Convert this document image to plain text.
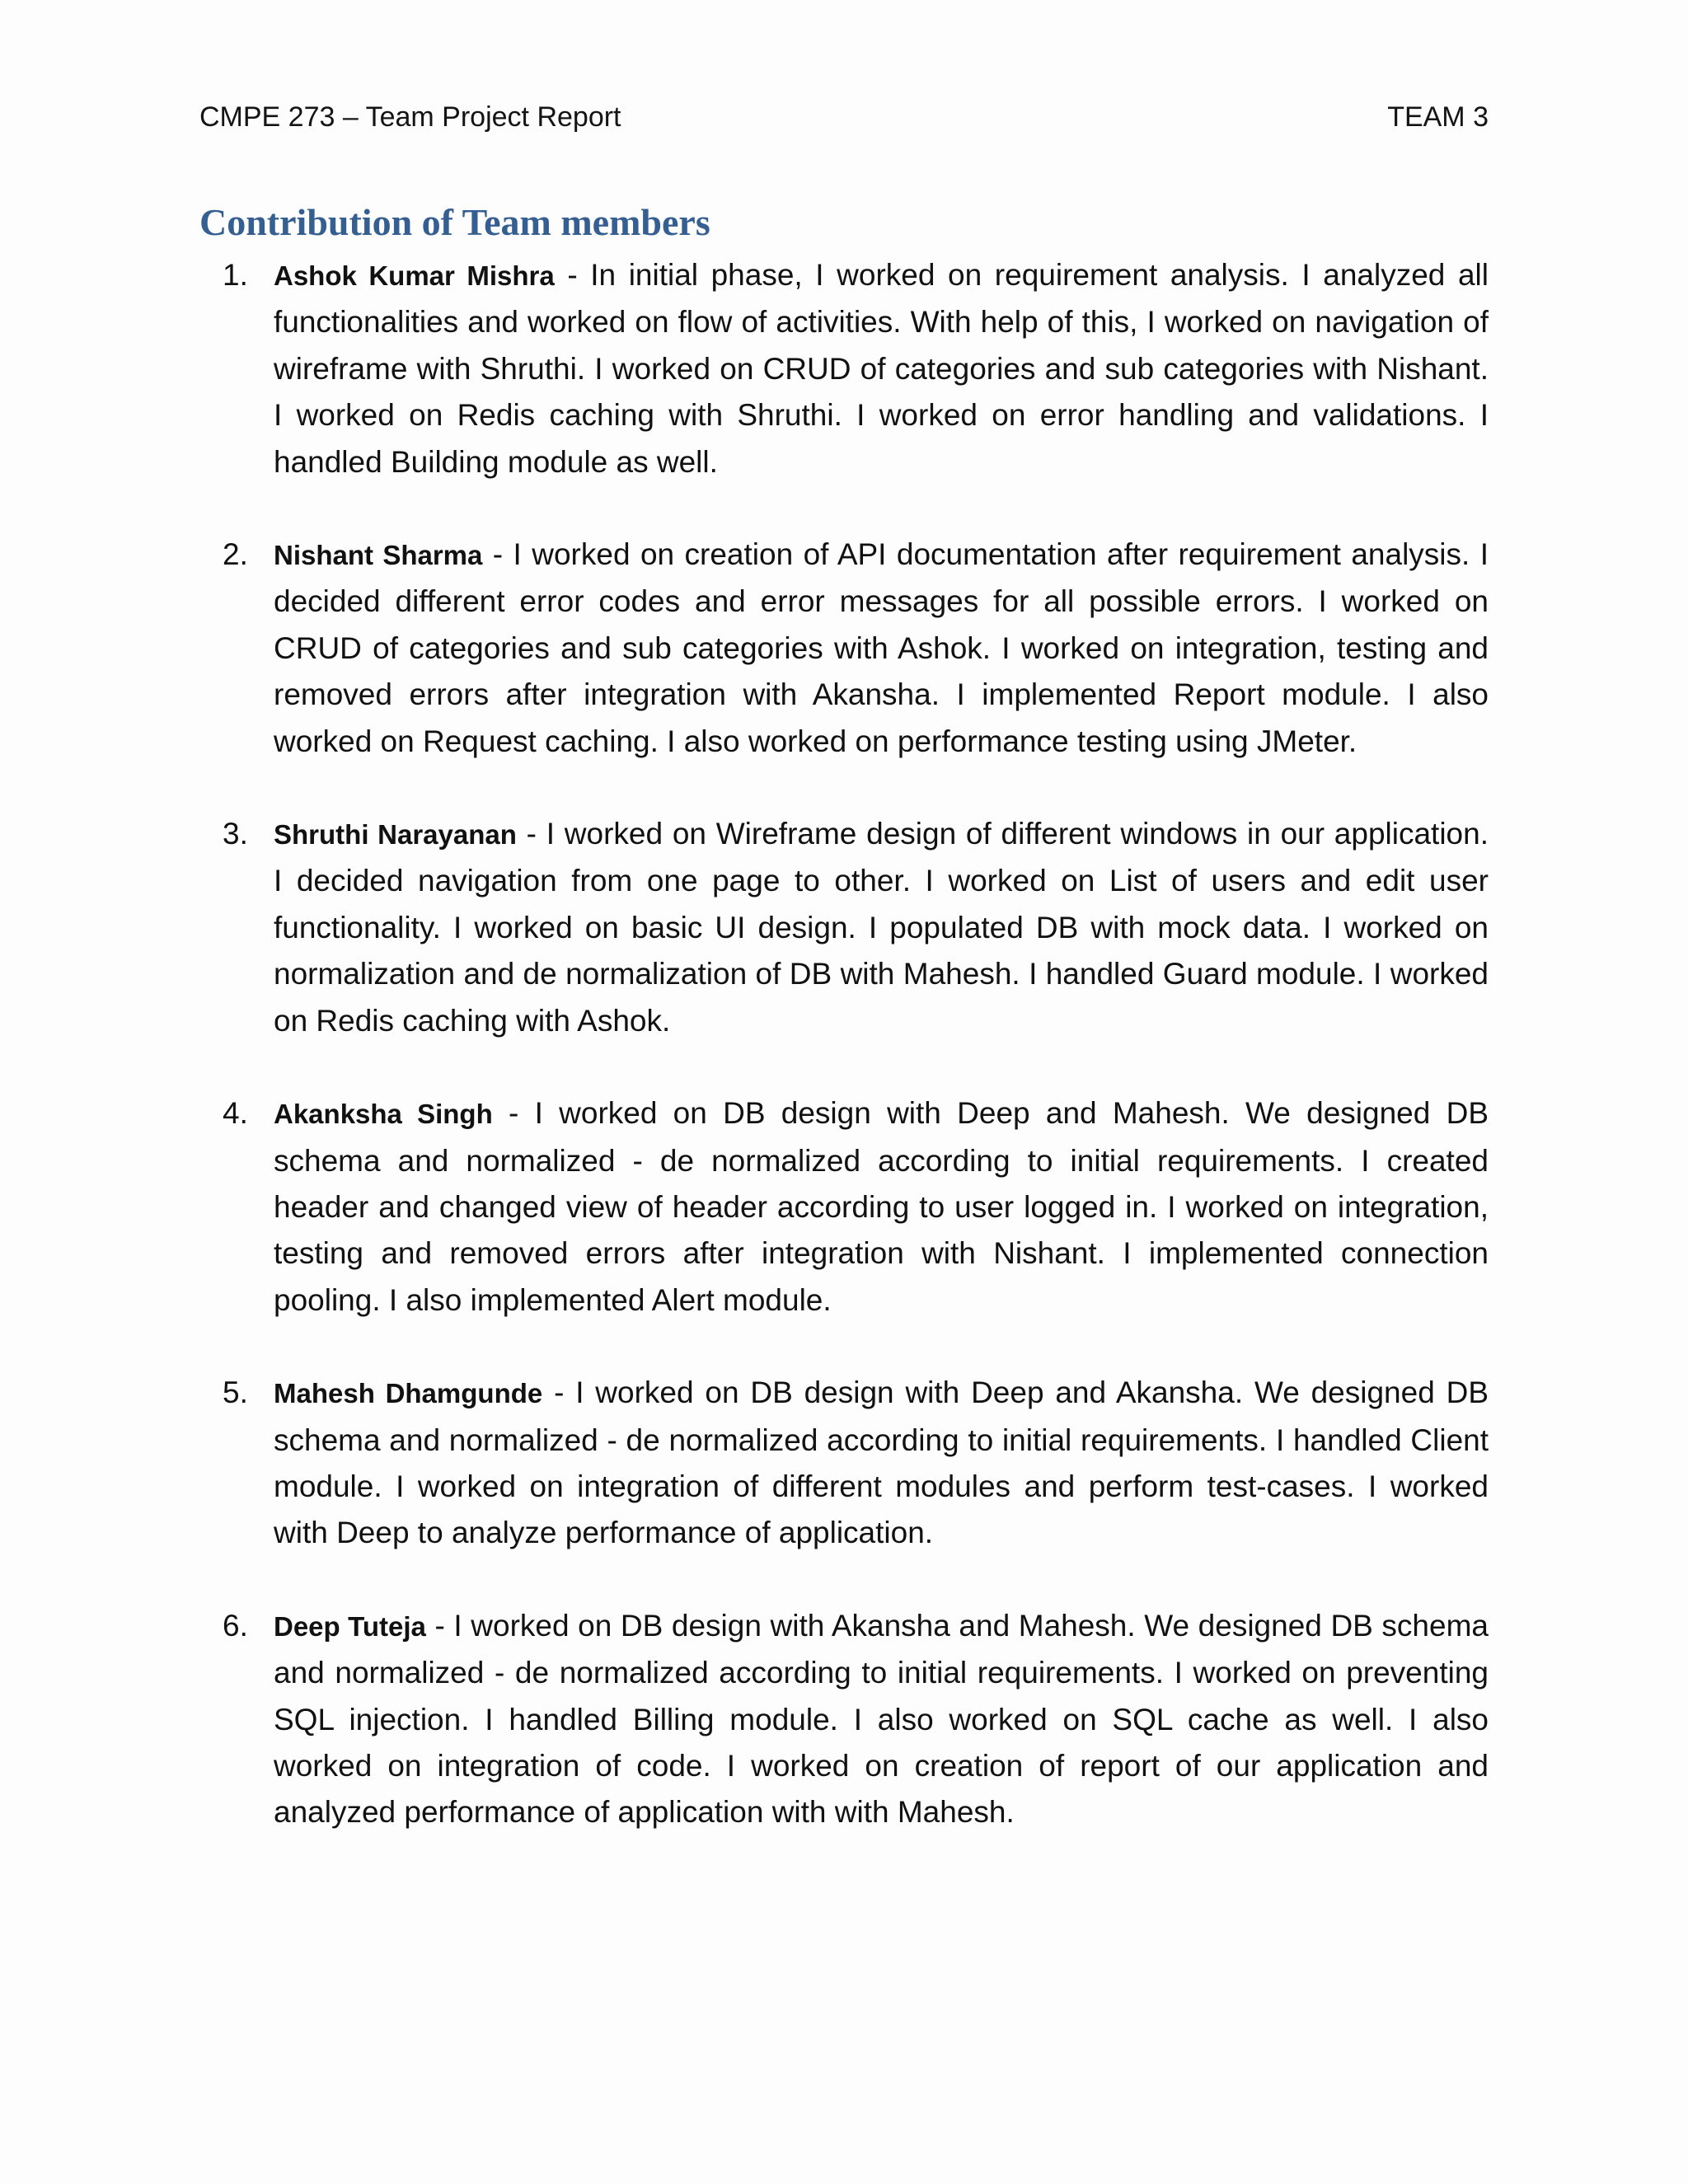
CMPE 273 – Team Project Report	TEAM 3
Contribution of Team members
1. Ashok Kumar Mishra - In initial phase, I worked on requirement analysis. I analyzed all functionalities and worked on flow of activities. With help of this, I worked on navigation of wireframe with Shruthi. I worked on CRUD of categories and sub categories with Nishant. I worked on Redis caching with Shruthi. I worked on error handling and validations. I handled Building module as well.
2. Nishant Sharma - I worked on creation of API documentation after requirement analysis. I decided different error codes and error messages for all possible errors. I worked on CRUD of categories and sub categories with Ashok. I worked on integration, testing and removed errors after integration with Akansha. I implemented Report module. I also worked on Request caching. I also worked on performance testing using JMeter.
3. Shruthi Narayanan - I worked on Wireframe design of different windows in our application. I decided navigation from one page to other. I worked on List of users and edit user functionality. I worked on basic UI design. I populated DB with mock data. I worked on normalization and de normalization of DB with Mahesh. I handled Guard module. I worked on Redis caching with Ashok.
4. Akanksha Singh - I worked on DB design with Deep and Mahesh. We designed DB schema and normalized - de normalized according to initial requirements. I created header and changed view of header according to user logged in. I worked on integration, testing and removed errors after integration with Nishant. I implemented connection pooling. I also implemented Alert module.
5. Mahesh Dhamgunde - I worked on DB design with Deep and Akansha. We designed DB schema and normalized - de normalized according to initial requirements. I handled Client module. I worked on integration of different modules and perform test-cases. I worked with Deep to analyze performance of application.
6. Deep Tuteja - I worked on DB design with Akansha and Mahesh. We designed DB schema and normalized - de normalized according to initial requirements. I worked on preventing SQL injection. I handled Billing module. I also worked on SQL cache as well. I also worked on integration of code. I worked on creation of report of our application and analyzed performance of application with with Mahesh.
